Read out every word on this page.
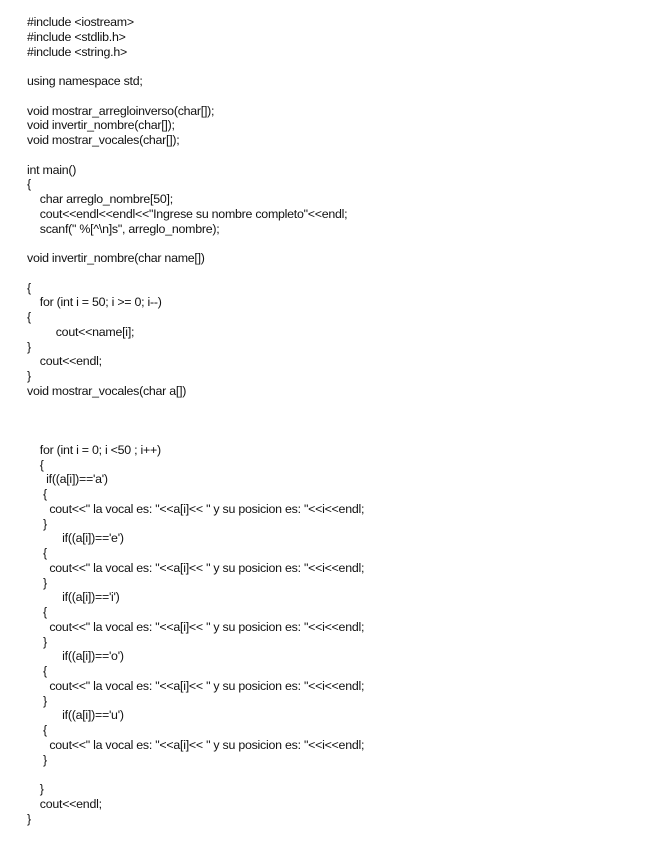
#include <iostream>
#include <stdlib.h>
#include <string.h>
using namespace std;
void mostrar_arregloinverso(char[]);
void invertir_nombre(char[]);
void mostrar_vocales(char[]);
int main()
{
char arreglo_nombre[50];
cout<<endl<<endl<<"Ingrese su nombre completo"<<endl;
scanf(" %[^\n]s", arreglo_nombre);
void invertir_nombre(char name[])
{
for (int i = 50; i >= 0; i--)
{
cout<<name[i];
}
cout<<endl;
}
void mostrar_vocales(char a[])
for (int i = 0; i <50 ; i++)
{
if((a[i])=='a')
{
cout<<" la vocal es: "<<a[i]<< " y su posicion es: "<<i<<endl;
}
if((a[i])=='e')
{
cout<<" la vocal es: "<<a[i]<< " y su posicion es: "<<i<<endl;
}
if((a[i])=='i')
{
cout<<" la vocal es: "<<a[i]<< " y su posicion es: "<<i<<endl;
}
if((a[i])=='o')
{
cout<<" la vocal es: "<<a[i]<< " y su posicion es: "<<i<<endl;
}
if((a[i])=='u')
{
cout<<" la vocal es: "<<a[i]<< " y su posicion es: "<<i<<endl;
}
}
cout<<endl;
}
